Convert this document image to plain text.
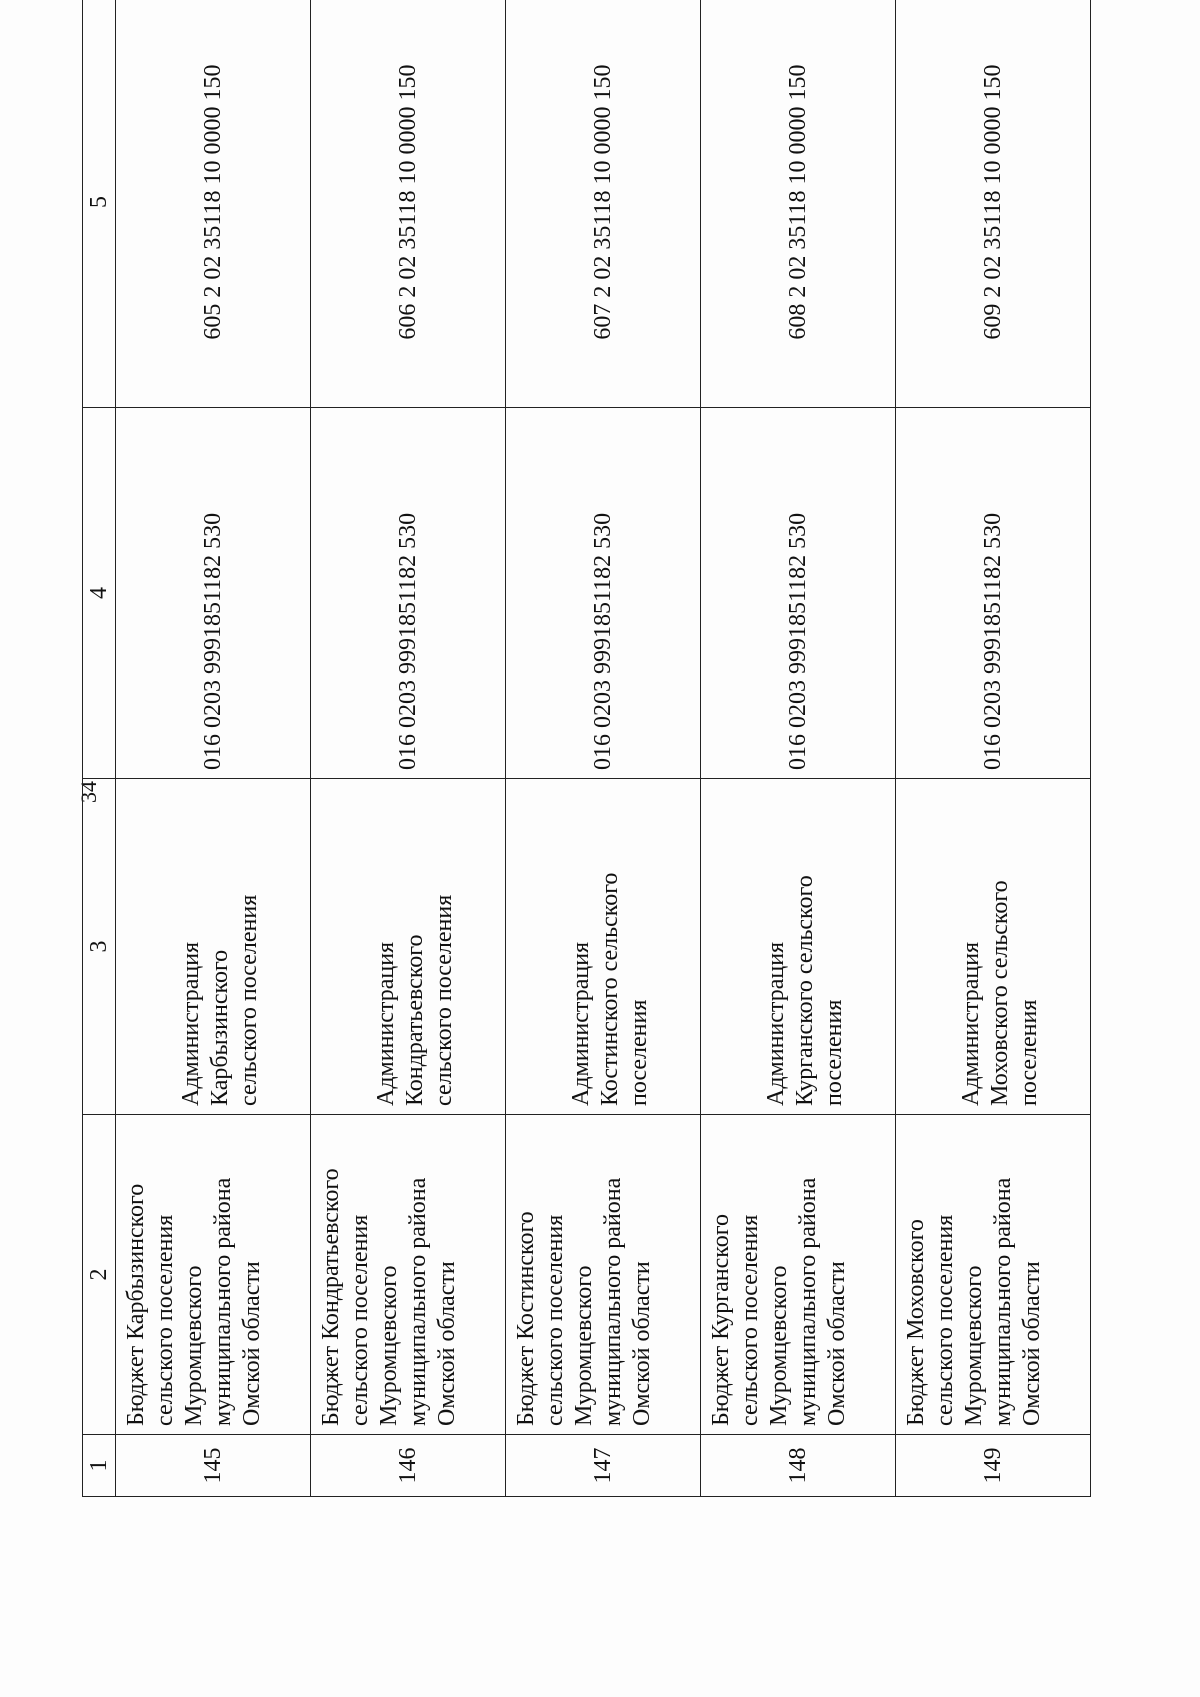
34
1	2	3	4	5
145	Бюджет Карбызинского сельского поселения Муромцевского муниципального района Омской области	Администрация Карбызинского сельского поселения	016 0203 9991851182 530	605 2 02 35118 10 0000 150
146	Бюджет Кондратьевского сельского поселения Муромцевского муниципального района Омской области	Администрация Кондратьевского сельского поселения	016 0203 9991851182 530	606 2 02 35118 10 0000 150
147	Бюджет Костинского сельского поселения Муромцевского муниципального района Омской области	Администрация Костинского сельского поселения	016 0203 9991851182 530	607 2 02 35118 10 0000 150
148	Бюджет Курганского сельского поселения Муромцевского муниципального района Омской области	Администрация Курганского сельского поселения	016 0203 9991851182 530	608 2 02 35118 10 0000 150
149	Бюджет Моховского сельского поселения Муромцевского муниципального района Омской области	Администрация Моховского сельского поселения	016 0203 9991851182 530	609 2 02 35118 10 0000 150
